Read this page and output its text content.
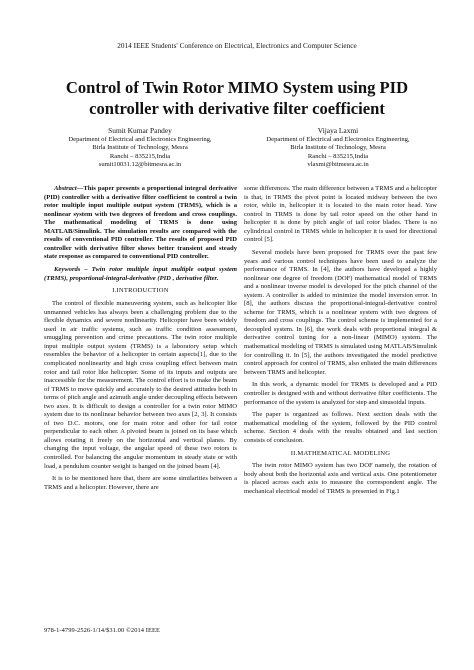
2014 IEEE Students' Conference on Electrical, Electronics and Computer Science
Control of Twin Rotor MIMO System using PID controller with derivative filter coefficient
Sumit Kumar Pandey
Department of Electrical and Electronics Engineering,
Birla Institute of Technology, Mesra
Ranchi – 835215,India
sumit10031.12@bitmesra.ac.in
Vijaya Laxmi
Department of Electrical and Electronics Engineering,
Birla Institute of Technology, Mesra
Ranchi – 835215,India
vlaxmi@bitmesra.ac.in

Abstract—This paper presents a proportional integral derivative (PID) controller with a derivative filter coefficient to control a twin rotor multiple input multiple output system (TRMS), which is a nonlinear system with two degrees of freedom and cross couplings. The mathematical modeling of TRMS is done using MATLAB/Simulink. The simulation results are compared with the results of conventional PID controller. The results of proposed PID controller with derivative filter shows better transient and steady state response as compared to conventional PID controller.

Keywords – Twin rotor multiple input multiple output system (TRMS), proportional-integral-derivative (PID , derivative filter.

I.INTRODUCTION

The control of flexible maneuvering system, such as helicopter like unmanned vehicles has always been a challenging problem due to the flexible dynamics and severe nonlinearity. Helicopter have been widely used in air traffic systems, such as traffic condition assessment, smuggling prevention and crime precautions. The twin rotor multiple input multiple output system (TRMS) is a laboratory setup which resembles the behavior of a helicopter in certain aspects[1], due to the complicated nonlinearity and high cross coupling effect between main rotor and tail rotor like helicopter. Some of its inputs and outputs are inaccessible for the measurement. The control effort is to make the beam of TRMS to move quickly and accurately to the desired attitudes both in terms of pitch angle and azimuth angle under decoupling effects between two axes. It is difficult to design a controller for a twin rotor MIMO system due to its nonlinear behavior between two axes [2, 3]. It consists of two D.C. motors, one for main rotor and other for tail rotor perpendicular to each other. A pivoted beam is joined on its base which allows rotating it freely on the horizontal and vertical planes. By changing the input voltage, the angular speed of these two rotors is controlled. For balancing the angular momentum in steady state or with load, a pendulum counter weight is hanged on the joined beam [4].

It is to be mentioned here that, there are some similarities between a TRMS and a helicopter. However, there are

some differences. The main difference between a TRMS and a helicopter is that, in TRMS the pivot point is located midway between the two rotor, while in, helicopter it is located to the main rotor head. Yaw control in TRMS is done by tail rotor speed on the other hand in helicopter it is done by pitch angle of tail rotor blades. There is no cylindrical control in TRMS while in helicopter it is used for directional control [5].

Several models have been proposed for TRMS over the past few years and various control techniques have been used to analyze the performance of TRMS. In [4], the authors have developed a highly nonlinear one degree of freedom (DOF) mathematical model of TRMS and a nonlinear inverse model is developed for the pitch channel of the system. A controller is added to minimize the model inversion error. In [8], the authors discuss the proportional-integral-derivative control scheme for TRMS, which is a nonlinear system with two degrees of freedom and cross couplings. The control scheme is implemented for a decoupled system. In [6], the work deals with proportional integral & derivative control tuning for a non-linear (MIMO) system. The mathematical modeling of TRMS is simulated using MATLAB/Simulink for controlling it. In [5], the authors investigated the model predictive control approach for control of TRMS, also enlisted the main differences between TRMS and helicopter.

In this work, a dynamic model for TRMS is developed and a PID controller is designed with and without derivative filter coefficients. The performance of the system is analyzed for step and sinusoidal inputs.

The paper is organized as follows. Next section deals with the mathematical modeling of the system, followed by the PID control scheme. Section 4 deals with the results obtained and last section consists of conclusion.

II.MATHEMATICAL MODELING

The twin rotor MIMO system has two DOF namely, the rotation of body about both the horizontal axis and vertical axis. One potentiometer is placed across each axis to measure the correspondent angle. The mechanical electrical model of TRMS is presented in Fig.1

978-1-4799-2526-1/14/$31.00 ©2014 IEEE
